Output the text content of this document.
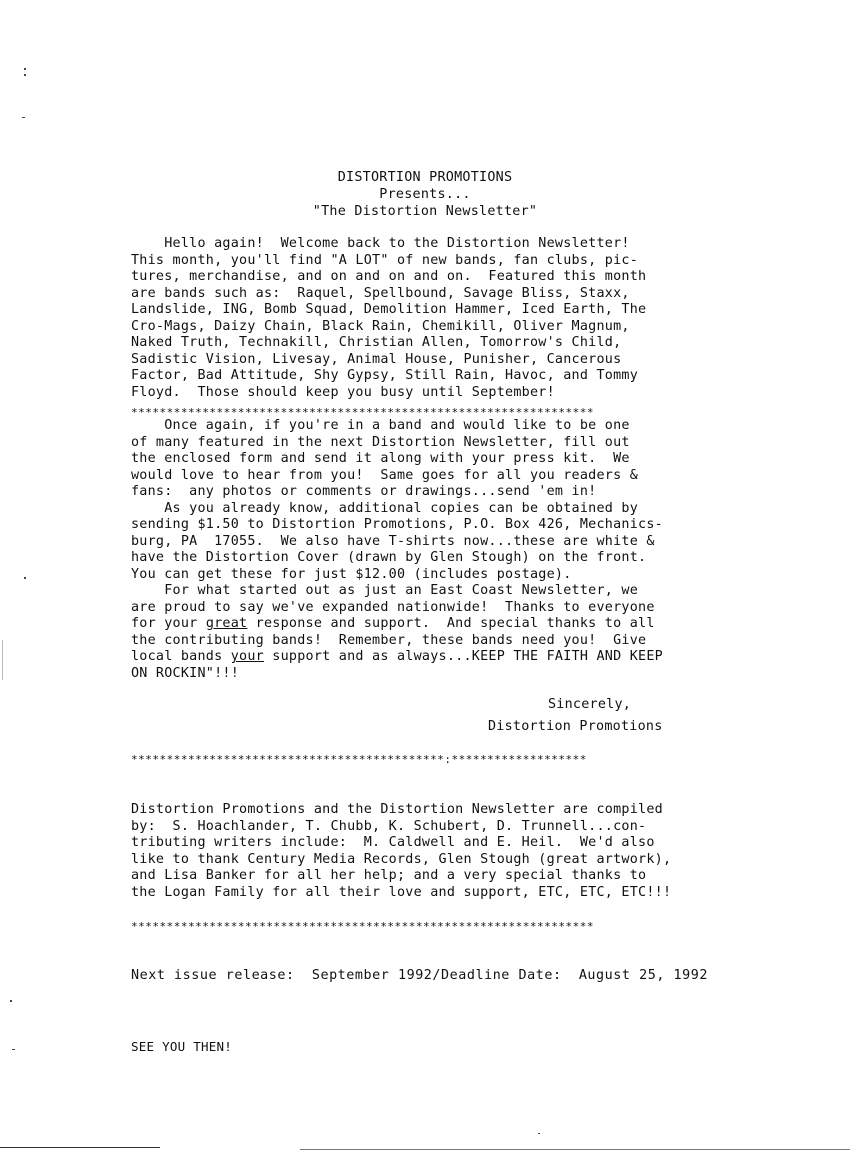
DISTORTION PROMOTIONS
Presents...
"The Distortion Newsletter"
Hello again!  Welcome back to the Distortion Newsletter!
This month, you'll find "A LOT" of new bands, fan clubs, pic-
tures, merchandise, and on and on and on.  Featured this month
are bands such as:  Raquel, Spellbound, Savage Bliss, Staxx,
Landslide, ING, Bomb Squad, Demolition Hammer, Iced Earth, The
Cro-Mags, Daizy Chain, Black Rain, Chemikill, Oliver Magnum,
Naked Truth, Technakill, Christian Allen, Tomorrow's Child,
Sadistic Vision, Livesay, Animal House, Punisher, Cancerous
Factor, Bad Attitude, Shy Gypsy, Still Rain, Havoc, and Tommy
Floyd.  Those should keep you busy until September!
*****************************************************************
Once again, if you're in a band and would like to be one
of many featured in the next Distortion Newsletter, fill out
the enclosed form and send it along with your press kit.  We
would love to hear from you!  Same goes for all you readers &
fans:  any photos or comments or drawings...send 'em in!
As you already know, additional copies can be obtained by
sending $1.50 to Distortion Promotions, P.O. Box 426, Mechanics-
burg, PA  17055.  We also have T-shirts now...these are white &
have the Distortion Cover (drawn by Glen Stough) on the front.
You can get these for just $12.00 (includes postage).
For what started out as just an East Coast Newsletter, we
are proud to say we've expanded nationwide!  Thanks to everyone
for your great response and support.  And special thanks to all
the contributing bands!  Remember, these bands need you!  Give
local bands your support and as always...KEEP THE FAITH AND KEEP
ON ROCKIN"!!!
Sincerely,
Distortion Promotions
********************************************:*******************
Distortion Promotions and the Distortion Newsletter are compiled
by:  S. Hoachlander, T. Chubb, K. Schubert, D. Trunnell...con-
tributing writers include:  M. Caldwell and E. Heil.  We'd also
like to thank Century Media Records, Glen Stough (great artwork),
and Lisa Banker for all her help; and a very special thanks to
the Logan Family for all their love and support, ETC, ETC, ETC!!!
*****************************************************************
Next issue release:  September 1992/Deadline Date:  August 25, 1992
SEE YOU THEN!
